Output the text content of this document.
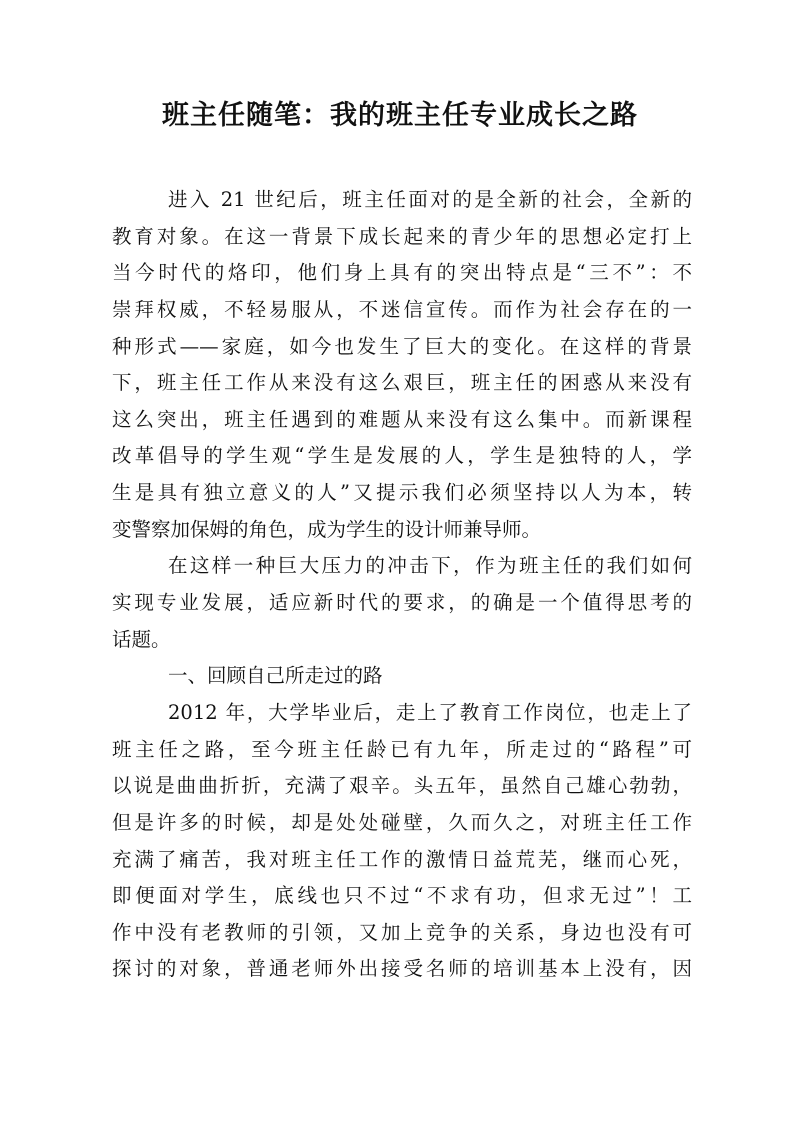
班主任随笔：我的班主任专业成长之路
进入 21 世纪后，班主任面对的是全新的社会，全新的
教育对象。在这一背景下成长起来的青少年的思想必定打上
当今时代的烙印，他们身上具有的突出特点是“三不”：不
崇拜权威，不轻易服从，不迷信宣传。而作为社会存在的一
种形式——家庭，如今也发生了巨大的变化。在这样的背景
下，班主任工作从来没有这么艰巨，班主任的困惑从来没有
这么突出，班主任遇到的难题从来没有这么集中。而新课程
改革倡导的学生观“学生是发展的人，学生是独特的人，学
生是具有独立意义的人”又提示我们必须坚持以人为本，转
变警察加保姆的角色，成为学生的设计师兼导师。
在这样一种巨大压力的冲击下，作为班主任的我们如何
实现专业发展，适应新时代的要求，的确是一个值得思考的
话题。
一、回顾自己所走过的路
2012 年，大学毕业后，走上了教育工作岗位，也走上了
班主任之路，至今班主任龄已有九年，所走过的“路程”可
以说是曲曲折折，充满了艰辛。头五年，虽然自己雄心勃勃，
但是许多的时候，却是处处碰壁，久而久之，对班主任工作
充满了痛苦，我对班主任工作的激情日益荒芜，继而心死，
即便面对学生，底线也只不过“不求有功，但求无过”！工
作中没有老教师的引领，又加上竞争的关系，身边也没有可
探讨的对象，普通老师外出接受名师的培训基本上没有，因
